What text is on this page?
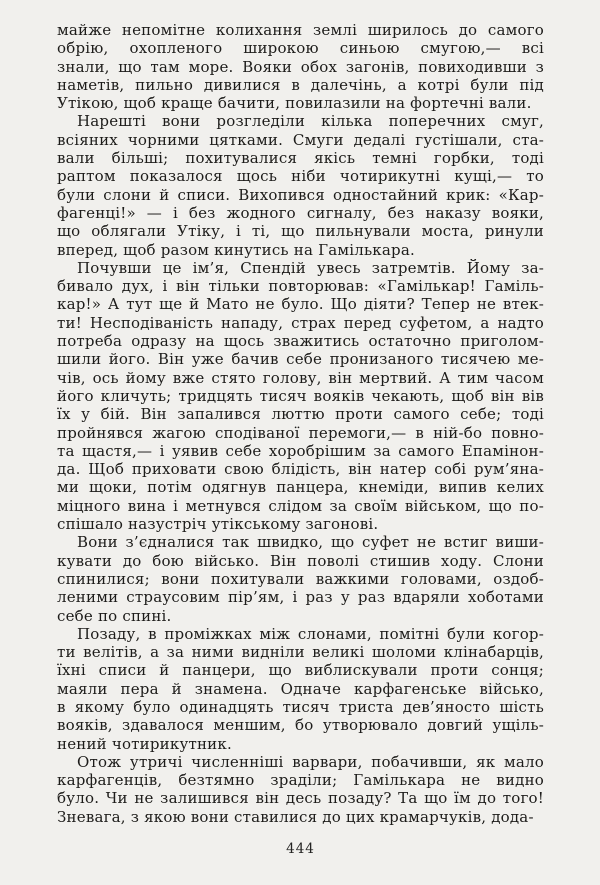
майже непомітне колихання землі ширилось до самого
обрію, охопленого широкою синьою смугою,— всі
знали, що там море. Вояки обох загонів, повиходивши з
наметів, пильно дивилися в далечінь, а котрі були під
Утікою, щоб краще бачити, повилазили на фортечні вали.
Нарешті вони розгледіли кілька поперечних смуг,
всіяних чорними цятками. Смуги дедалі густішали, ста-
вали більші; похитувалися якісь темні горбки, тоді
раптом показалося щось ніби чотирикутні кущі,— то
були слони й списи. Вихопився одностайний крик: «Кар-
фагенці!» — і без жодного сигналу, без наказу вояки,
що облягали Утіку, і ті, що пильнували моста, ринули
вперед, щоб разом кинутись на Гамількара.
Почувши це ім’я, Спендій увесь затремтів. Йому за-
бивало дух, і він тільки повторював: «Гамількар! Гаміль-
кар!» А тут ще й Мато не було. Що діяти? Тепер не втек-
ти! Несподіваність нападу, страх перед суфетом, а надто
потреба одразу на щось зважитись остаточно приголом-
шили його. Він уже бачив себе пронизаного тисячею ме-
чів, ось йому вже стято голову, він мертвий. А тим часом
його кличуть; тридцять тисяч вояків чекають, щоб він вів
їх у бій. Він запалився люттю проти самого себе; тоді
пройнявся жагою сподіваної перемоги,— в ній-бо повно-
та щастя,— і уявив себе хоробрішим за самого Епамінон-
да. Щоб приховати свою блідість, він натер собі рум’яна-
ми щоки, потім одягнув панцера, кнеміди, випив келих
міцного вина і метнувся слідом за своїм військом, що по-
спішало назустріч утікському загонові.
Вони з’єдналися так швидко, що суфет не встиг виши-
кувати до бою військо. Він поволі стишив ходу. Слони
спинилися; вони похитували важкими головами, оздоб-
леними страусовим пір’ям, і раз у раз вдаряли хоботами
себе по спині.
Позаду, в проміжках між слонами, помітні були когор-
ти велітів, а за ними видніли великі шоломи клінабарців,
їхні списи й панцери, що виблискували проти сонця;
маяли пера й знамена. Одначе карфагенське військо,
в якому було одинадцять тисяч триста дев’яносто шість
вояків, здавалося меншим, бо утворювало довгий ущіль-
нений чотирикутник.
Отож утричі численніші варвари, побачивши, як мало
карфагенців, безтямно зраділи; Гамількара не видно
було. Чи не залишився він десь позаду? Та що їм до того!
Зневага, з якою вони ставилися до цих крамарчуків, дода-
444
